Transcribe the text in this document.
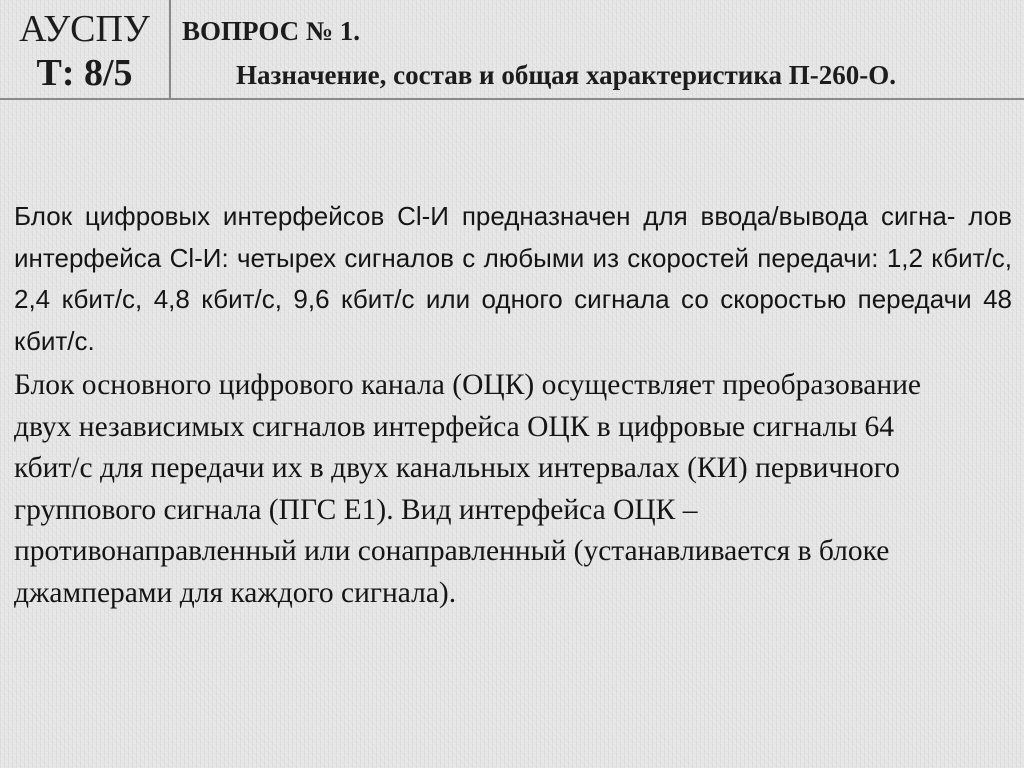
АУСПУ
Т: 8/5
ВОПРОС № 1.
Назначение, состав и общая характеристика П-260-О.

Блок цифровых интерфейсов Cl-И предназначен для ввода/вывода сигна- лов интерфейса Cl-И: четырех сигналов с любыми из скоростей передачи: 1,2 кбит/с, 2,4 кбит/с, 4,8 кбит/с, 9,6 кбит/с или одного сигнала со скоростью передачи 48 кбит/с.

Блок основного цифрового канала (ОЦК) осуществляет преобразование двух независимых сигналов интерфейса ОЦК в цифровые сигналы 64 кбит/с для передачи их в двух канальных интервалах (КИ) первичного группового сигнала (ПГС Е1). Вид интерфейса ОЦК – противонаправленный или сонаправленный (устанавливается в блоке джамперами для каждого сигнала).
